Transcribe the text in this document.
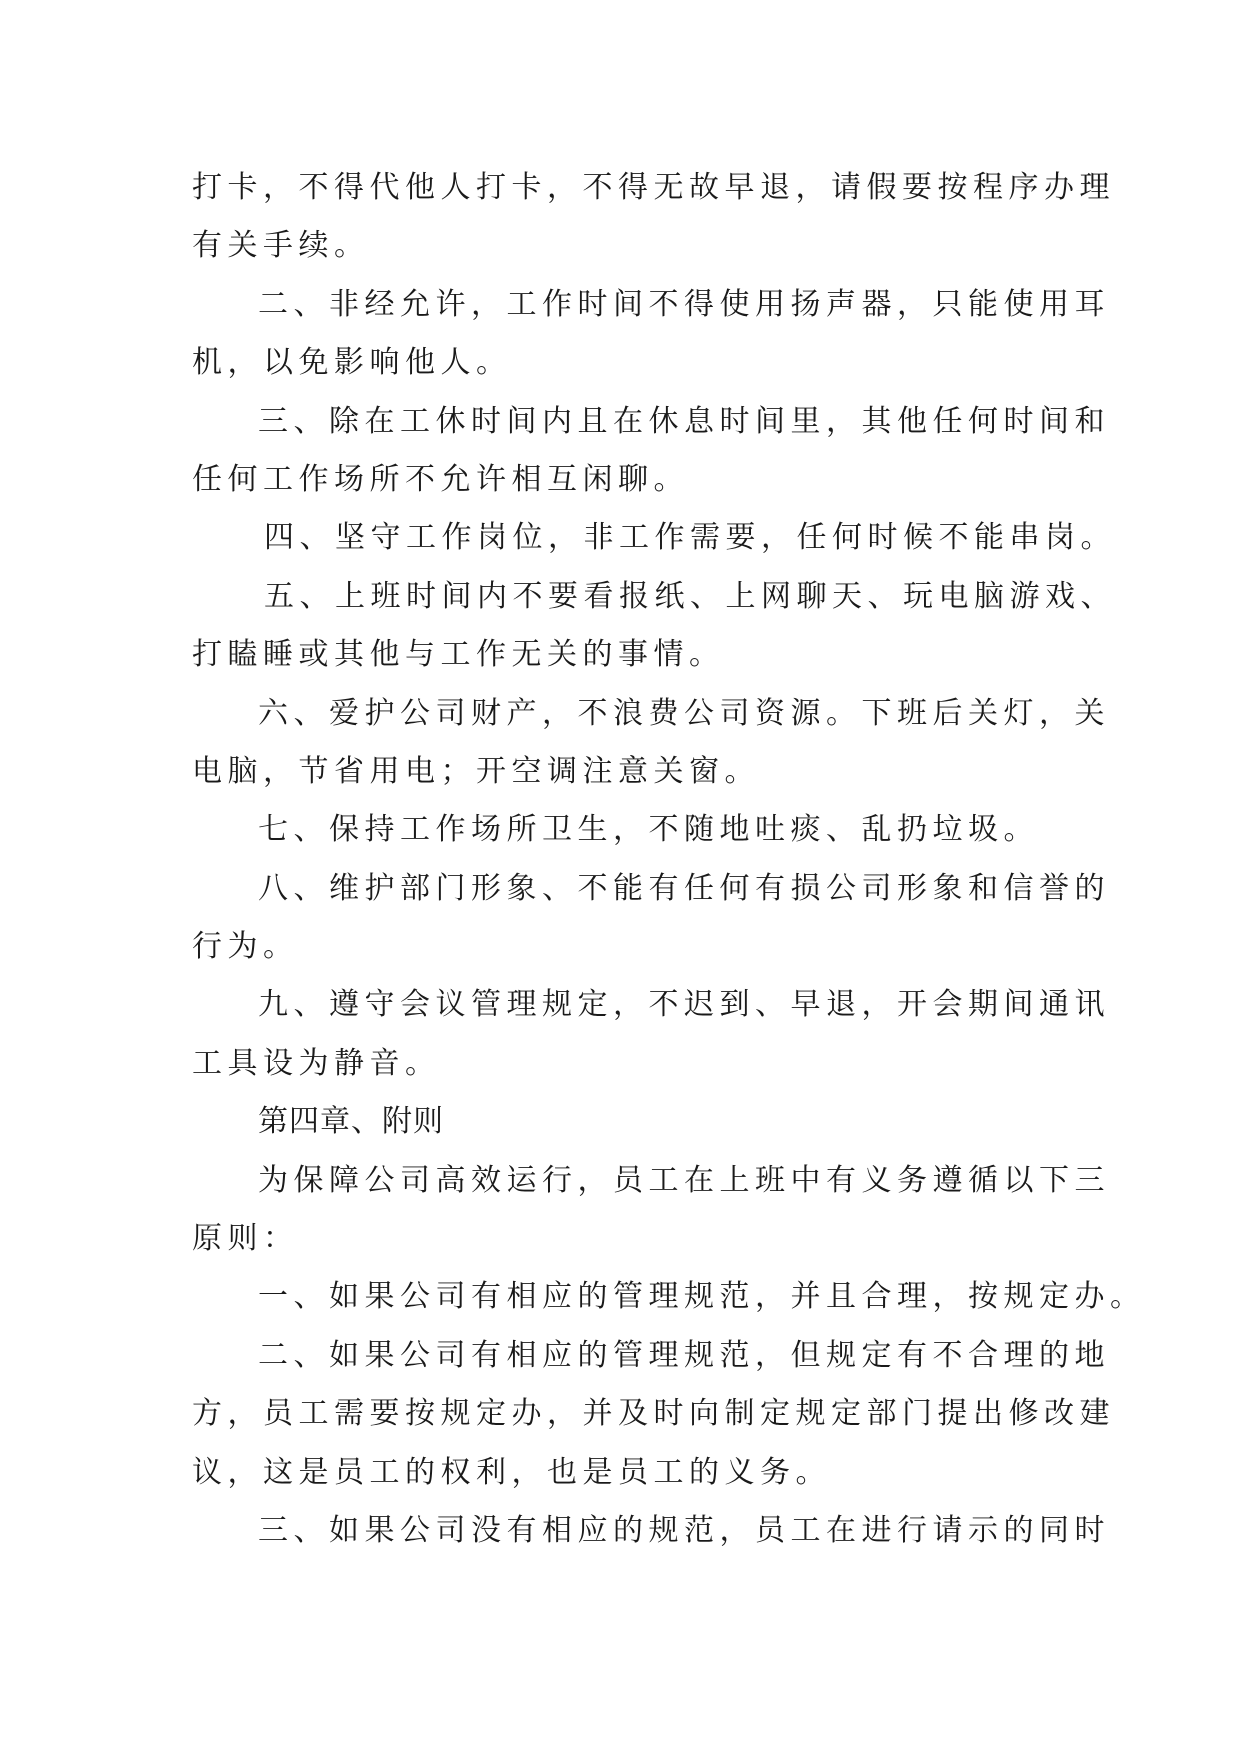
打卡，不得代他人打卡，不得无故早退，请假要按程序办理
有关手续。
二、非经允许，工作时间不得使用扬声器，只能使用耳
机，以免影响他人。
三、除在工休时间内且在休息时间里，其他任何时间和
任何工作场所不允许相互闲聊。
四、坚守工作岗位，非工作需要，任何时候不能串岗。
五、上班时间内不要看报纸、上网聊天、玩电脑游戏、
打瞌睡或其他与工作无关的事情。
六、爱护公司财产，不浪费公司资源。下班后关灯，关
电脑，节省用电；开空调注意关窗。
七、保持工作场所卫生，不随地吐痰、乱扔垃圾。
八、维护部门形象、不能有任何有损公司形象和信誉的
行为。
九、遵守会议管理规定，不迟到、早退，开会期间通讯
工具设为静音。
第四章、附则
为保障公司高效运行，员工在上班中有义务遵循以下三
原则：
一、如果公司有相应的管理规范，并且合理，按规定办。
二、如果公司有相应的管理规范，但规定有不合理的地
方，员工需要按规定办，并及时向制定规定部门提出修改建
议，这是员工的权利，也是员工的义务。
三、如果公司没有相应的规范，员工在进行请示的同时
